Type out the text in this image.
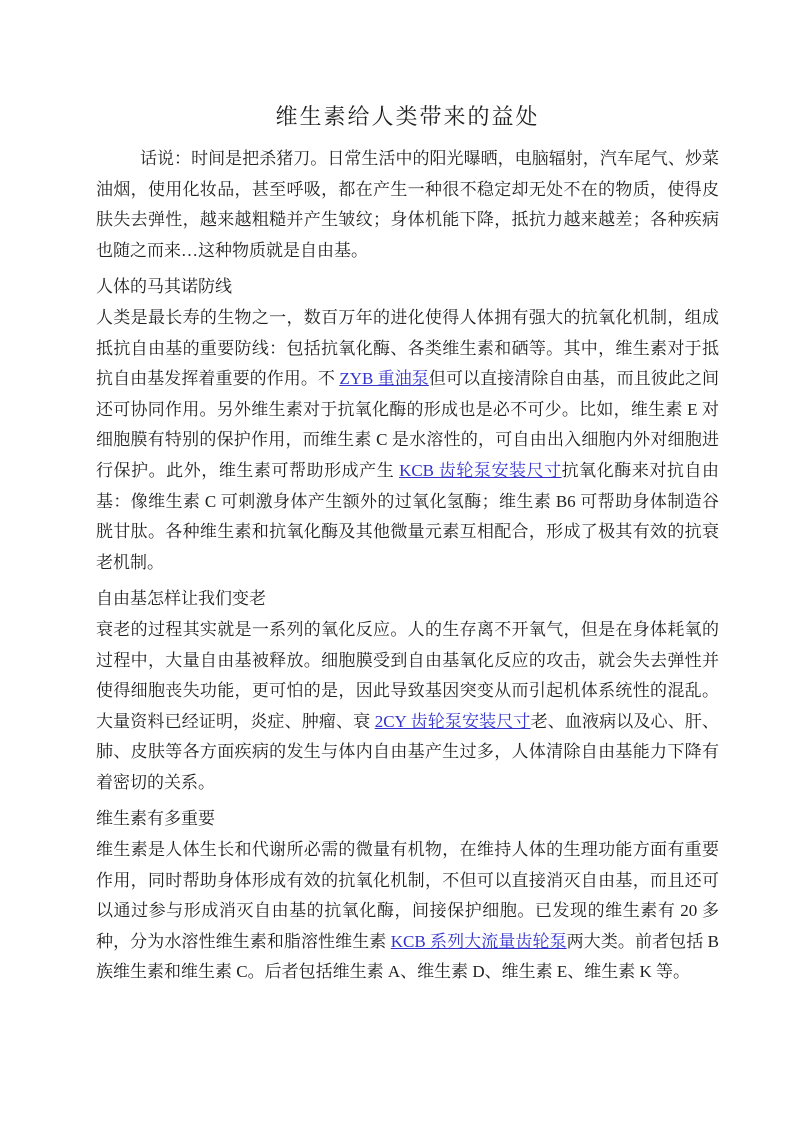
维生素给人类带来的益处

话说：时间是把杀猪刀。日常生活中的阳光曝晒，电脑辐射，汽车尾气、炒菜油烟，使用化妆品，甚至呼吸，都在产生一种很不稳定却无处不在的物质，使得皮肤失去弹性，越来越粗糙并产生皱纹；身体机能下降，抵抗力越来越差；各种疾病也随之而来…这种物质就是自由基。

人体的马其诺防线

人类是最长寿的生物之一，数百万年的进化使得人体拥有强大的抗氧化机制，组成抵抗自由基的重要防线：包括抗氧化酶、各类维生素和硒等。其中，维生素对于抵抗自由基发挥着重要的作用。不 ZYB 重油泵但可以直接清除自由基，而且彼此之间还可协同作用。另外维生素对于抗氧化酶的形成也是必不可少。比如，维生素 E 对细胞膜有特别的保护作用，而维生素 C 是水溶性的，可自由出入细胞内外对细胞进行保护。此外，维生素可帮助形成产生 KCB 齿轮泵安装尺寸抗氧化酶来对抗自由基：像维生素 C 可刺激身体产生额外的过氧化氢酶；维生素 B6 可帮助身体制造谷胱甘肽。各种维生素和抗氧化酶及其他微量元素互相配合，形成了极其有效的抗衰老机制。

自由基怎样让我们变老

衰老的过程其实就是一系列的氧化反应。人的生存离不开氧气，但是在身体耗氧的过程中，大量自由基被释放。细胞膜受到自由基氧化反应的攻击，就会失去弹性并使得细胞丧失功能，更可怕的是，因此导致基因突变从而引起机体系统性的混乱。大量资料已经证明，炎症、肿瘤、衰 2CY 齿轮泵安装尺寸老、血液病以及心、肝、肺、皮肤等各方面疾病的发生与体内自由基产生过多，人体清除自由基能力下降有着密切的关系。

维生素有多重要

维生素是人体生长和代谢所必需的微量有机物，在维持人体的生理功能方面有重要作用，同时帮助身体形成有效的抗氧化机制，不但可以直接消灭自由基，而且还可以通过参与形成消灭自由基的抗氧化酶，间接保护细胞。已发现的维生素有 20 多种，分为水溶性维生素和脂溶性维生素 KCB 系列大流量齿轮泵两大类。前者包括 B 族维生素和维生素 C。后者包括维生素 A、维生素 D、维生素 E、维生素 K 等。
